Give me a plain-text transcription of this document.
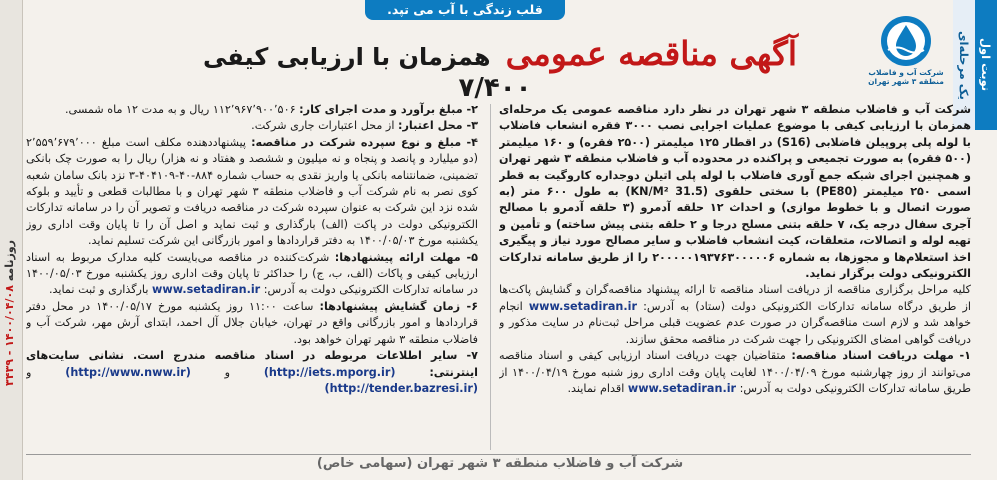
قلب زندگی با آب می تپد.
نوبت اول
یک مرحله‌ای
شرکت آب و فاضلاب
منطقه ۳ شهر تهران
آگهی مناقصه عمومی همزمان با ارزیابی کیفی ۷/۴۰۰

شرکت آب و فاضلاب منطقه ۳ شهر تهران در نظر دارد مناقصه عمومی یک مرحله‌ای همزمان با ارزیابی کیفی با موضوع عملیات اجرایی نصب ۳۰۰۰ فقره انشعاب فاضلاب با لوله پلی پروپیلن فاضلابی (S16) در اقطار ۱۲۵ میلیمتر (۲۵۰۰ فقره) و ۱۶۰ میلیمتر (۵۰۰ فقره) به صورت تجمیعی و پراکنده در محدوده آب و فاضلاب منطقه ۳ شهر تهران و همچنین اجرای شبکه جمع آوری فاضلاب با لوله پلی اتیلن دوجداره کاروگیت به قطر اسمی ۲۵۰ میلیمتر (PE80) با سختی حلقوی (31.5 KN/M²) به طول ۶۰۰ متر (به صورت اتصال و با خطوط موازی) و احداث ۱۲ حلقه آدمرو (۳ حلقه آدمرو با مصالح آجری سفال درجه یک، ۷ حلقه بتنی مسلح درجا و ۲ حلقه بتنی پیش ساخته) و تأمین و تهیه لوله و اتصالات، متعلقات، کیت انشعاب فاضلاب و سایر مصالح مورد نیاز و پیگیری اخذ استعلام‌ها و مجوزها، به شماره ۲۰۰۰۰۰۱۹۳۷۶۳۰۰۰۰۰۶ را از طریق سامانه تدارکات الکترونیکی دولت برگزار نماید.

کلیه مراحل برگزاری مناقصه از دریافت اسناد مناقصه تا ارائه پیشنهاد مناقصه‌گران و گشایش پاکت‌ها از طریق درگاه سامانه تدارکات الکترونیکی دولت (ستاد) به آدرس: www.setadiran.ir انجام خواهد شد و لازم است مناقصه‌گران در صورت عدم عضویت قبلی مراحل ثبت‌نام در سایت مذکور و دریافت گواهی امضای الکترونیکی را جهت شرکت در مناقصه محقق سازند.

۱- مهلت دریافت اسناد مناقصه: متقاضیان جهت دریافت اسناد ارزیابی کیفی و اسناد مناقصه می‌توانند از روز چهارشنبه مورخ ۱۴۰۰/۰۴/۰۹ لغایت پایان وقت اداری روز شنبه مورخ ۱۴۰۰/۰۴/۱۹ از طریق سامانه تدارکات الکترونیکی دولت به آدرس: www.setadiran.ir اقدام نمایند.

۲- مبلغ برآورد و مدت اجرای کار: ۱۱۲٬۹۶۷٬۹۰۰٬۵۰۶ ریال و به مدت ۱۲ ماه شمسی.

۳- محل اعتبار: از محل اعتبارات جاری شرکت.

۴- مبلغ و نوع سپرده شرکت در مناقصه: پیشنهاددهنده مکلف است مبلغ ۲٬۵۵۹٬۶۷۹٬۰۰۰ (دو میلیارد و پانصد و پنجاه و نه میلیون و ششصد و هفتاد و نه هزار) ریال را به صورت چک بانکی تضمینی، ضمانتنامه بانکی یا واریز نقدی به حساب شماره ۸۸۴-۴۰-۴۰۴۱۰۹-۳ نزد بانک سامان شعبه کوی نصر به نام شرکت آب و فاضلاب منطقه ۳ شهر تهران و با مطالبات قطعی و تأیید و بلوکه شده نزد این شرکت به عنوان سپرده شرکت در مناقصه دریافت و تصویر آن را در سامانه تدارکات الکترونیکی دولت در پاکت (الف) بارگذاری و ثبت نماید و اصل آن را تا پایان وقت اداری روز یکشنبه مورخ ۱۴۰۰/۰۵/۰۳ به دفتر قراردادها و امور بازرگانی این شرکت تسلیم نماید.

۵- مهلت ارائه پیشنهادها: شرکت‌کننده در مناقصه می‌بایست کلیه مدارک مربوط به اسناد ارزیابی کیفی و پاکات (الف، ب، ج) را حداکثر تا پایان وقت اداری روز یکشنبه مورخ ۱۴۰۰/۰۵/۰۳ در سامانه تدارکات الکترونیکی دولت به آدرس: www.setadiran.ir بارگذاری و ثبت نماید.

۶- زمان گشایش پیشنهادها: ساعت ۱۱:۰۰ روز یکشنبه مورخ ۱۴۰۰/۰۵/۱۷ در محل دفتر قراردادها و امور بازرگانی واقع در تهران، خیابان جلال آل احمد، ابتدای آرش مهر، شرکت آب و فاضلاب منطقه ۳ شهر تهران خواهد بود.

۷- سایر اطلاعات مربوطه در اسناد مناقصه مندرج است. نشانی سایت‌های اینترنتی: (http://iets.mporg.ir) و (http://www.nww.ir) و (http://tender.bazresi.ir)

شرکت آب و فاضلاب منطقه ۳ شهر تهران (سهامی خاص)
روزنامه ۱۴۰۰/۰۴/۰۸ - ۳۴۳۹
